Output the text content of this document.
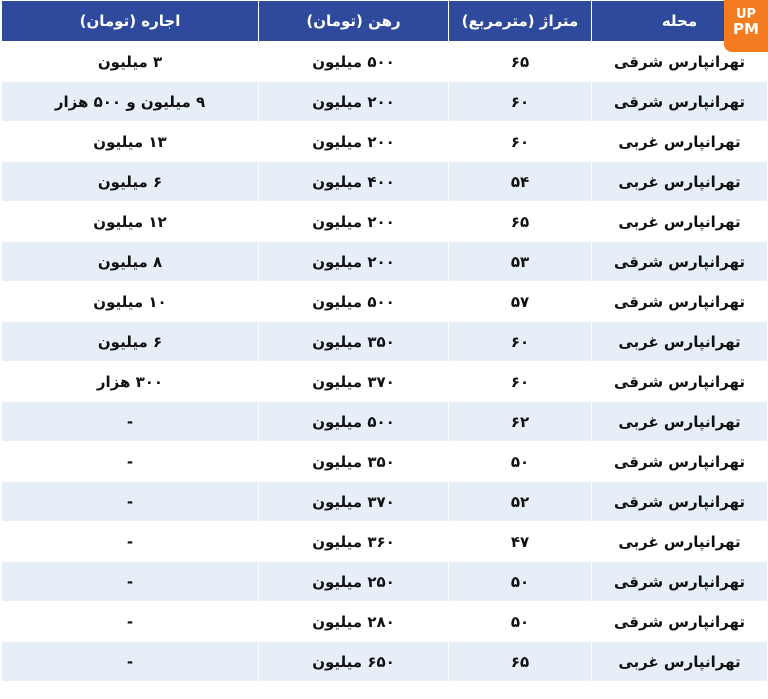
محله	متراژ (مترمربع)	رهن (تومان)	اجاره (تومان)
تهرانپارس شرقی	۶۵	۵۰۰ میلیون	۳ میلیون
تهرانپارس شرقی	۶۰	۲۰۰ میلیون	۹ میلیون و ۵۰۰ هزار
تهرانپارس غربی	۶۰	۲۰۰ میلیون	۱۳ میلیون
تهرانپارس غربی	۵۴	۴۰۰ میلیون	۶ میلیون
تهرانپارس غربی	۶۵	۲۰۰ میلیون	۱۲ میلیون
تهرانپارس شرقی	۵۳	۲۰۰ میلیون	۸ میلیون
تهرانپارس شرقی	۵۷	۵۰۰ میلیون	۱۰ میلیون
تهرانپارس غربی	۶۰	۳۵۰ میلیون	۶ میلیون
تهرانپارس شرقی	۶۰	۳۷۰ میلیون	۳۰۰ هزار
تهرانپارس غربی	۶۲	۵۰۰ میلیون	-
تهرانپارس شرقی	۵۰	۳۵۰ میلیون	-
تهرانپارس شرقی	۵۲	۳۷۰ میلیون	-
تهرانپارس غربی	۴۷	۳۶۰ میلیون	-
تهرانپارس شرقی	۵۰	۲۵۰ میلیون	-
تهرانپارس شرقی	۵۰	۲۸۰ میلیون	-
تهرانپارس غربی	۶۵	۶۵۰ میلیون	-
UP
PM
